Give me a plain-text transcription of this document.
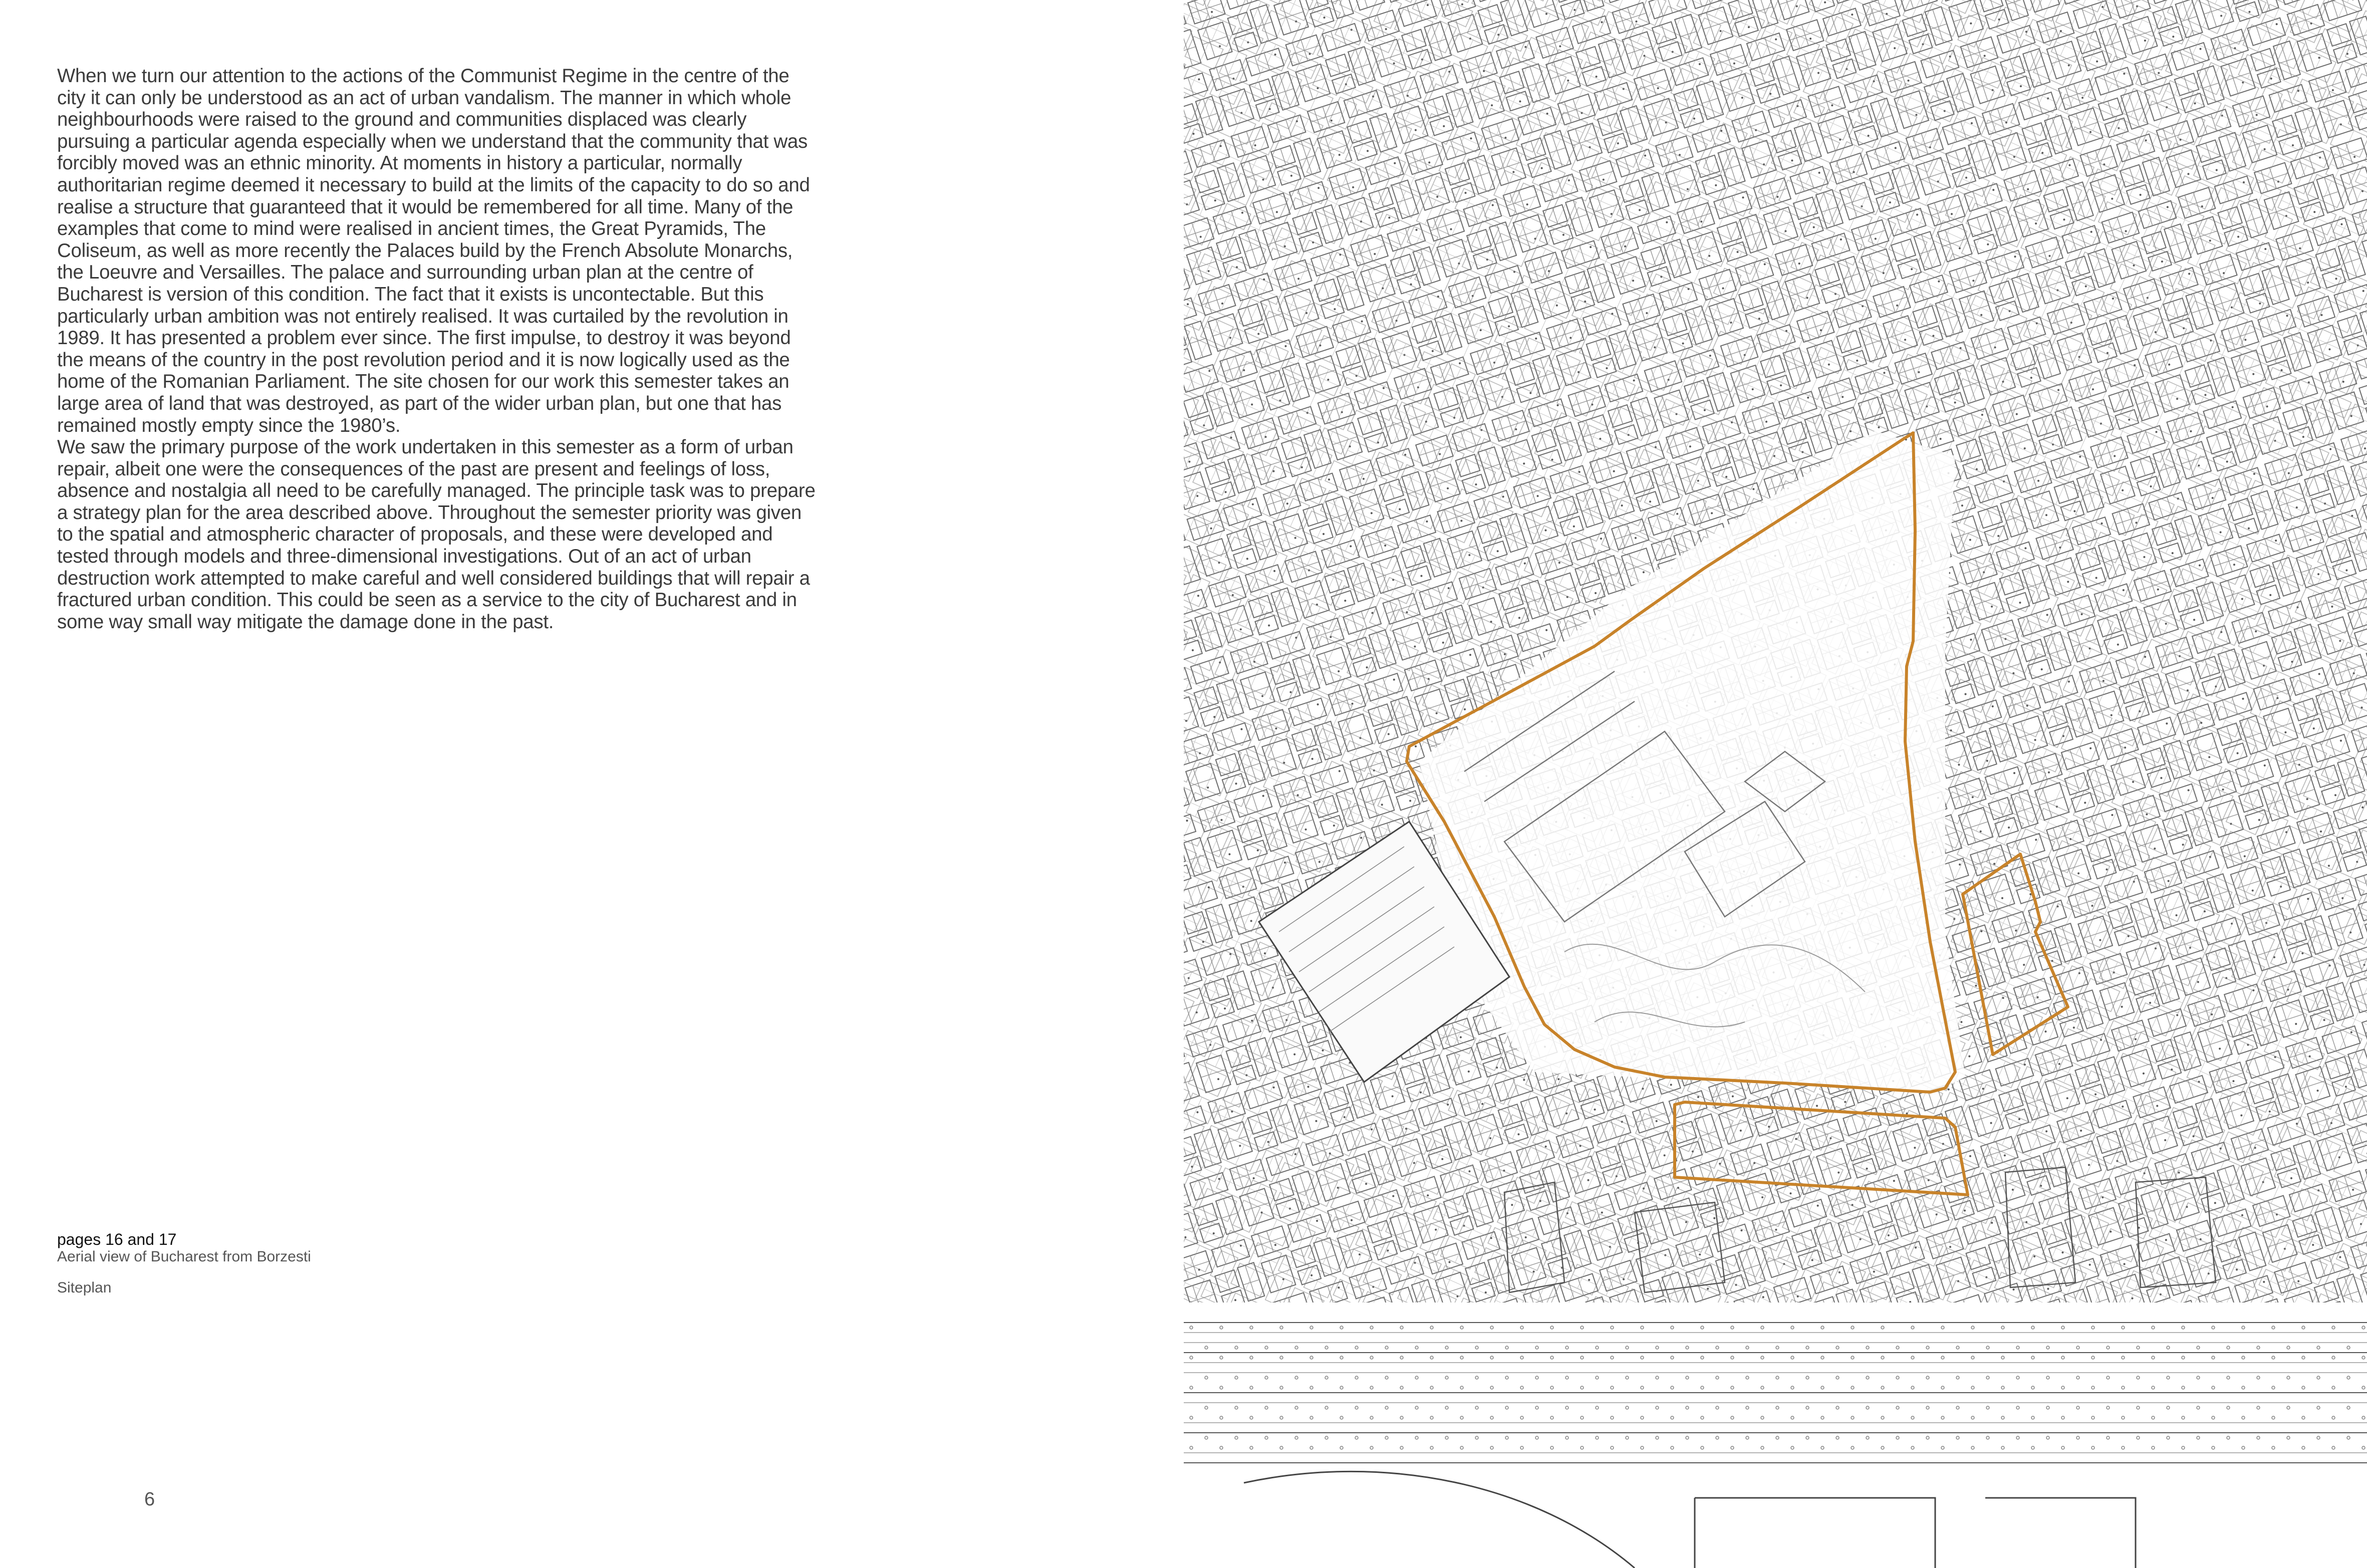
When we turn our attention to the actions of the Communist Regime in the centre of the city it can only be understood as an act of urban vandalism. The manner in which whole neighbourhoods were raised to the ground and communities displaced was clearly pursuing a particular agenda especially when we understand that the community that was forcibly moved was an ethnic minority. At moments in history a particular, normally authoritarian regime deemed it necessary to build at the limits of the capacity to do so and realise a structure that guaranteed that it would be remembered for all time. Many of the examples that come to mind were realised in ancient times, the Great Pyramids, The Coliseum, as well as more recently the Palaces build by the French Absolute Monarchs, the Loeuvre and Versailles. The palace and surrounding urban plan at the centre of Bucharest is version of this condition. The fact that it exists is uncontectable. But this particularly urban ambition was not entirely realised. It was curtailed by the revolution in 1989. It has presented a problem ever since. The first impulse, to destroy it was beyond the means of the country in the post revolution period and it is now logically used as the home of the Romanian Parliament. The site chosen for our work this semester takes an large area of land that was destroyed, as part of the wider urban plan, but one that has remained mostly empty since the 1980’s.

We saw the primary purpose of the work undertaken in this semester as a form of urban repair, albeit one were the consequences of the past are present and feelings of loss, absence and nostalgia all need to be carefully managed. The principle task was to prepare a strategy plan for the area described above. Throughout the semester priority was given to the spatial and atmospheric character of proposals, and these were developed and tested through models and three-dimensional investigations. Out of an act of urban destruction work attempted to make careful and well considered buildings that will repair a fractured urban condition. This could be seen as a service to the city of Bucharest and in some way small way mitigate the damage done in the past.

pages 16 and 17
Aerial view of Bucharest from Borzesti
Siteplan
6
